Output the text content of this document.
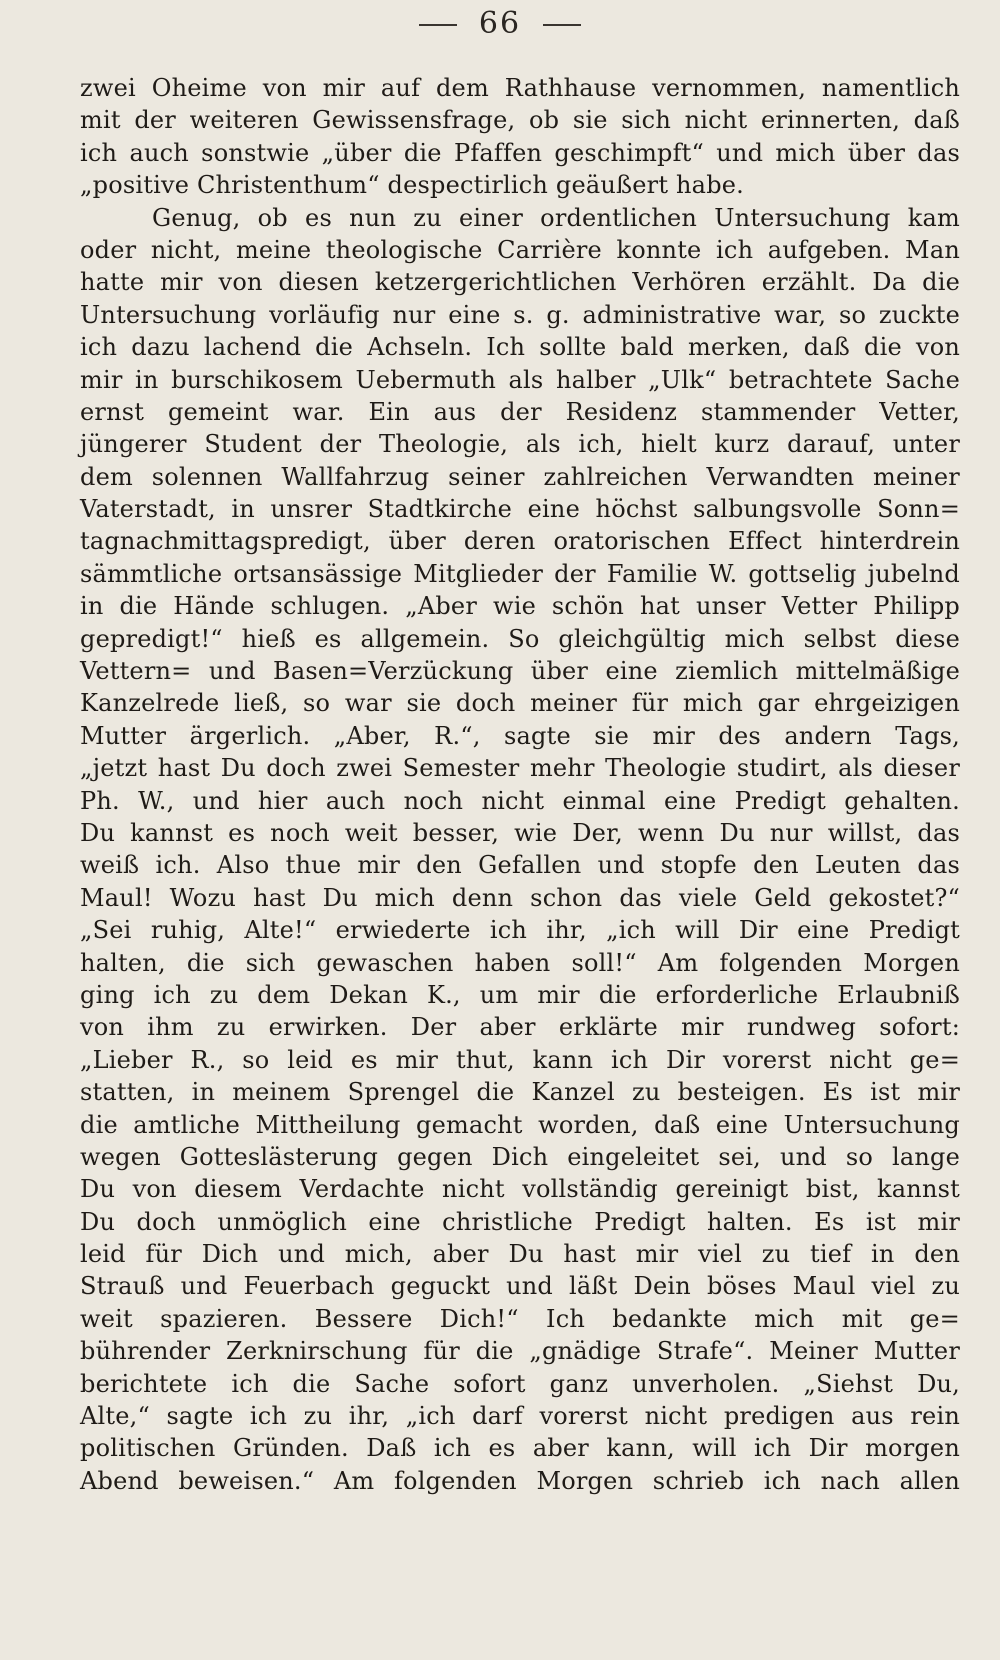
66
zwei Oheime von mir auf dem Rathhause vernommen, namentlich
mit der weiteren Gewissensfrage, ob sie sich nicht erinnerten, daß
ich auch sonstwie „über die Pfaffen geschimpft“ und mich über das
„positive Christenthum“ despectirlich geäußert habe.
Genug, ob es nun zu einer ordentlichen Untersuchung kam
oder nicht, meine theologische Carrière konnte ich aufgeben. Man
hatte mir von diesen ketzergerichtlichen Verhören erzählt. Da die
Untersuchung vorläufig nur eine s. g. administrative war, so zuckte
ich dazu lachend die Achseln. Ich sollte bald merken, daß die von
mir in burschikosem Uebermuth als halber „Ulk“ betrachtete Sache
ernst gemeint war. Ein aus der Residenz stammender Vetter,
jüngerer Student der Theologie, als ich, hielt kurz darauf, unter
dem solennen Wallfahrzug seiner zahlreichen Verwandten meiner
Vaterstadt, in unsrer Stadtkirche eine höchst salbungsvolle Sonn=
tagnachmittagspredigt, über deren oratorischen Effect hinterdrein
sämmtliche ortsansässige Mitglieder der Familie W. gottselig jubelnd
in die Hände schlugen. „Aber wie schön hat unser Vetter Philipp
gepredigt!“ hieß es allgemein. So gleichgültig mich selbst diese
Vettern= und Basen=Verzückung über eine ziemlich mittelmäßige
Kanzelrede ließ, so war sie doch meiner für mich gar ehrgeizigen
Mutter ärgerlich. „Aber, R.“, sagte sie mir des andern Tags,
„jetzt hast Du doch zwei Semester mehr Theologie studirt, als dieser
Ph. W., und hier auch noch nicht einmal eine Predigt gehalten.
Du kannst es noch weit besser, wie Der, wenn Du nur willst, das
weiß ich. Also thue mir den Gefallen und stopfe den Leuten das
Maul! Wozu hast Du mich denn schon das viele Geld gekostet?“
„Sei ruhig, Alte!“ erwiederte ich ihr, „ich will Dir eine Predigt
halten, die sich gewaschen haben soll!“ Am folgenden Morgen
ging ich zu dem Dekan K., um mir die erforderliche Erlaubniß
von ihm zu erwirken. Der aber erklärte mir rundweg sofort:
„Lieber R., so leid es mir thut, kann ich Dir vorerst nicht ge=
statten, in meinem Sprengel die Kanzel zu besteigen. Es ist mir
die amtliche Mittheilung gemacht worden, daß eine Untersuchung
wegen Gotteslästerung gegen Dich eingeleitet sei, und so lange
Du von diesem Verdachte nicht vollständig gereinigt bist, kannst
Du doch unmöglich eine christliche Predigt halten. Es ist mir
leid für Dich und mich, aber Du hast mir viel zu tief in den
Strauß und Feuerbach geguckt und läßt Dein böses Maul viel zu
weit spazieren. Bessere Dich!“ Ich bedankte mich mit ge=
bührender Zerknirschung für die „gnädige Strafe“. Meiner Mutter
berichtete ich die Sache sofort ganz unverholen. „Siehst Du,
Alte,“ sagte ich zu ihr, „ich darf vorerst nicht predigen aus rein
politischen Gründen. Daß ich es aber kann, will ich Dir morgen
Abend beweisen.“ Am folgenden Morgen schrieb ich nach allen
